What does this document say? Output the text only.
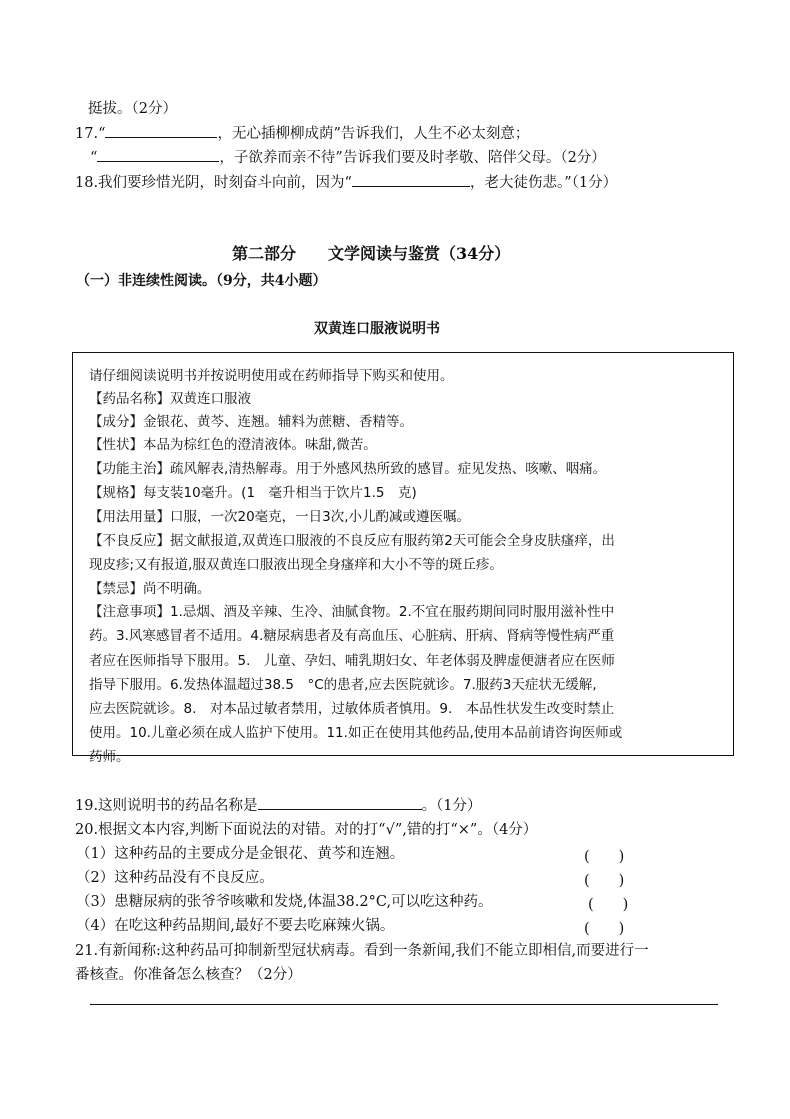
挺拔。（2分）
17.“	，无心插柳柳成荫”告诉我们，人生不必太刻意；
“	，子欲养而亲不待”告诉我们要及时孝敬、陪伴父母。（2分）
18.我们要珍惜光阴，时刻奋斗向前，因为“	，老大徒伤悲。”（1分）
第二部分　　文学阅读与鉴赏（34分）
（一）非连续性阅读。（9分，共4小题）
双黄连口服液说明书
请仔细阅读说明书并按说明使用或在药师指导下购买和使用。
【药品名称】双黄连口服液
【成分】金银花、黄芩、连翘。辅料为蔗糖、香精等。
【性状】本品为棕红色的澄清液体。味甜,微苦。
【功能主治】疏风解表,清热解毒。用于外感风热所致的感冒。症见发热、咳嗽、咽痛。
【规格】每支装10毫升。(1　毫升相当于饮片1.5　克)
【用法用量】口服，一次20毫克，一日3次,小儿酌减或遵医嘱。
【不良反应】据文献报道,双黄连口服液的不良反应有服药第2天可能会全身皮肤瘙痒，出
现皮疹;又有报道,服双黄连口服液出现全身瘙痒和大小不等的斑丘疹。
【禁忌】尚不明确。
【注意事项】1.忌烟、酒及辛辣、生冷、油腻食物。2.不宜在服药期间同时服用滋补性中
药。3.风寒感冒者不适用。4.糖尿病患者及有高血压、心脏病、肝病、肾病等慢性病严重
者应在医师指导下服用。5.　儿童、孕妇、哺乳期妇女、年老体弱及脾虚便溏者应在医师
指导下服用。6.发热体温超过38.5　°C的患者,应去医院就诊。7.服药3天症状无缓解,
应去医院就诊。8.　对本品过敏者禁用，过敏体质者慎用。9.　本品性状发生改变时禁止
使用。10.儿童必须在成人监护下使用。11.如正在使用其他药品,使用本品前请咨询医师或
药师。
19.这则说明书的药品名称是	。（1分）
20.根据文本内容,判断下面说法的对错。对的打“√”,错的打“×”。（4分）
（1）这种药品的主要成分是金银花、黄芩和连翘。	(　　)
（2）这种药品没有不良反应。	(　　)
（3）患糖尿病的张爷爷咳嗽和发烧,体温38.2°C,可以吃这种药。	(　　)
（4）在吃这种药品期间,最好不要去吃麻辣火锅。	(　　)
21.有新闻称:这种药品可抑制新型冠状病毒。看到一条新闻,我们不能立即相信,而要进行一
番核查。你准备怎么核查？（2分）
